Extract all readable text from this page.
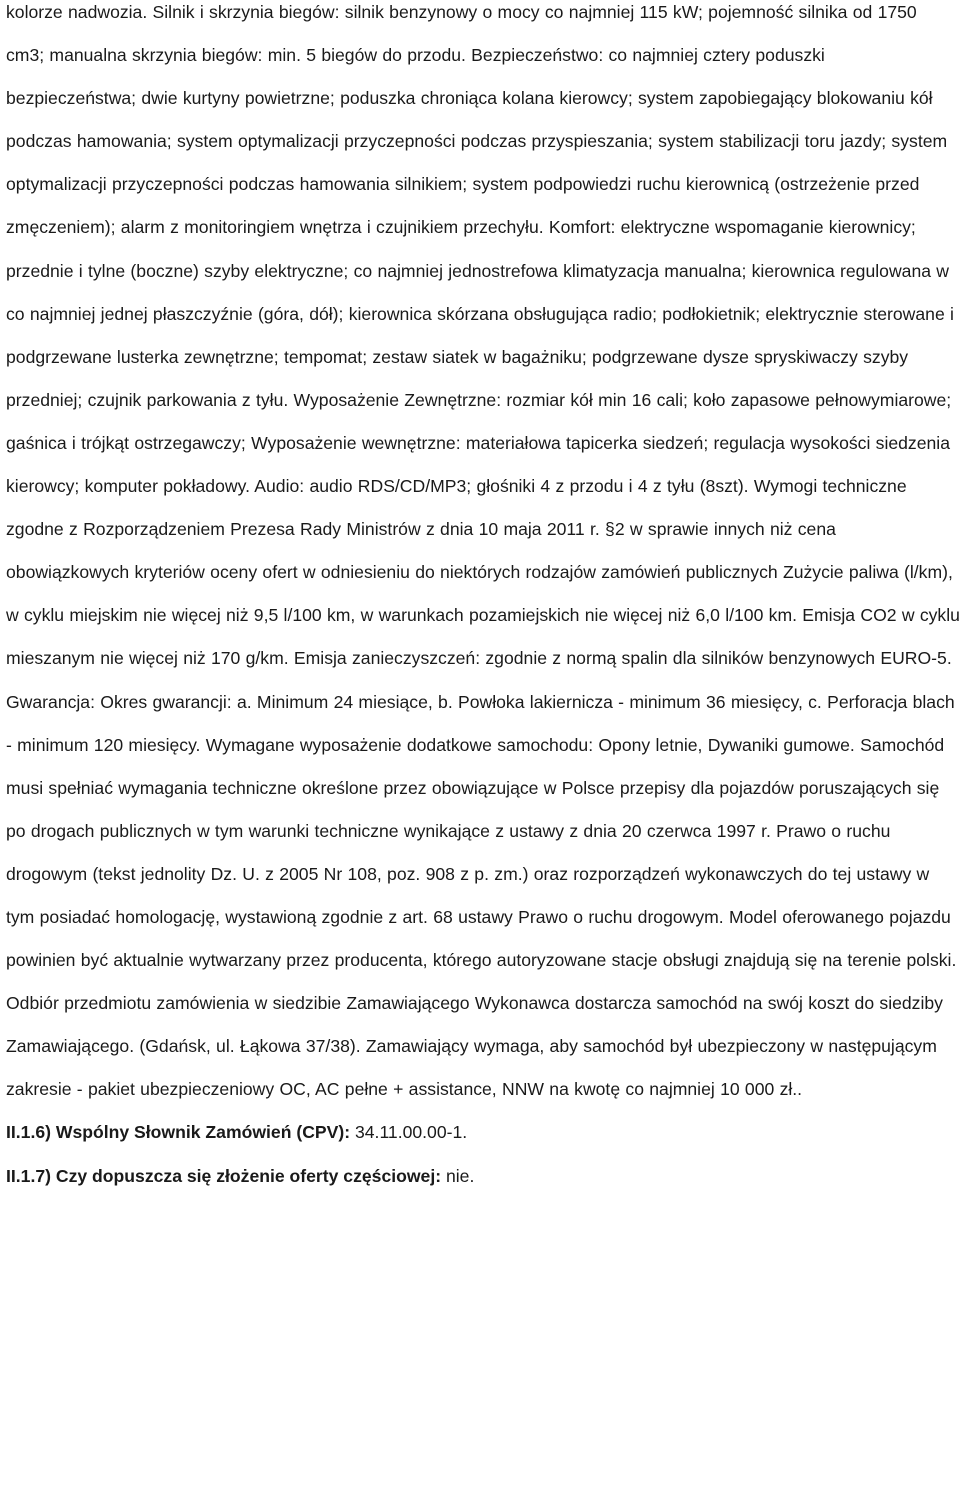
kolorze nadwozia. Silnik i skrzynia biegów: silnik benzynowy o mocy co najmniej 115 kW; pojemność silnika od 1750 cm3; manualna skrzynia biegów: min. 5 biegów do przodu. Bezpieczeństwo: co najmniej cztery poduszki bezpieczeństwa; dwie kurtyny powietrzne; poduszka chroniąca kolana kierowcy; system zapobiegający blokowaniu kół podczas hamowania; system optymalizacji przyczepności podczas przyspieszania; system stabilizacji toru jazdy; system optymalizacji przyczepności podczas hamowania silnikiem; system podpowiedzi ruchu kierownicą (ostrzeżenie przed zmęczeniem); alarm z monitoringiem wnętrza i czujnikiem przechyłu. Komfort: elektryczne wspomaganie kierownicy; przednie i tylne (boczne) szyby elektryczne; co najmniej jednostrefowa klimatyzacja manualna; kierownica regulowana w co najmniej jednej płaszczyźnie (góra, dół); kierownica skórzana obsługująca radio; podłokietnik; elektrycznie sterowane i podgrzewane lusterka zewnętrzne; tempomat; zestaw siatek w bagażniku; podgrzewane dysze spryskiwaczy szyby przedniej; czujnik parkowania z tyłu. Wyposażenie Zewnętrzne: rozmiar kół min 16 cali; koło zapasowe pełnowymiarowe; gaśnica i trójkąt ostrzegawczy; Wyposażenie wewnętrzne: materiałowa tapicerka siedzeń; regulacja wysokości siedzenia kierowcy; komputer pokładowy. Audio: audio RDS/CD/MP3; głośniki 4 z przodu i 4 z tyłu (8szt). Wymogi techniczne zgodne z Rozporządzeniem Prezesa Rady Ministrów z dnia 10 maja 2011 r. §2 w sprawie innych niż cena obowiązkowych kryteriów oceny ofert w odniesieniu do niektórych rodzajów zamówień publicznych Zużycie paliwa (l/km), w cyklu miejskim nie więcej niż 9,5 l/100 km, w warunkach pozamiejskich nie więcej niż 6,0 l/100 km. Emisja CO2 w cyklu mieszanym nie więcej niż 170 g/km. Emisja zanieczyszczeń: zgodnie z normą spalin dla silników benzynowych EURO-5. Gwarancja: Okres gwarancji: a. Minimum 24 miesiące, b. Powłoka lakiernicza - minimum 36 miesięcy, c. Perforacja blach - minimum 120 miesięcy. Wymagane wyposażenie dodatkowe samochodu: Opony letnie, Dywaniki gumowe. Samochód musi spełniać wymagania techniczne określone przez obowiązujące w Polsce przepisy dla pojazdów poruszających się po drogach publicznych w tym warunki techniczne wynikające z ustawy z dnia 20 czerwca 1997 r. Prawo o ruchu drogowym (tekst jednolity Dz. U. z 2005 Nr 108, poz. 908 z p. zm.) oraz rozporządzeń wykonawczych do tej ustawy w tym posiadać homologację, wystawioną zgodnie z art. 68 ustawy Prawo o ruchu drogowym. Model oferowanego pojazdu powinien być aktualnie wytwarzany przez producenta, którego autoryzowane stacje obsługi znajdują się na terenie polski. Odbiór przedmiotu zamówienia w siedzibie Zamawiającego Wykonawca dostarcza samochód na swój koszt do siedziby Zamawiającego. (Gdańsk, ul. Łąkowa 37/38). Zamawiający wymaga, aby samochód był ubezpieczony w następującym zakresie - pakiet ubezpieczeniowy OC, AC pełne + assistance, NNW na kwotę co najmniej 10 000 zł..

II.1.6) Wspólny Słownik Zamówień (CPV): 34.11.00.00-1.

II.1.7) Czy dopuszcza się złożenie oferty częściowej: nie.
